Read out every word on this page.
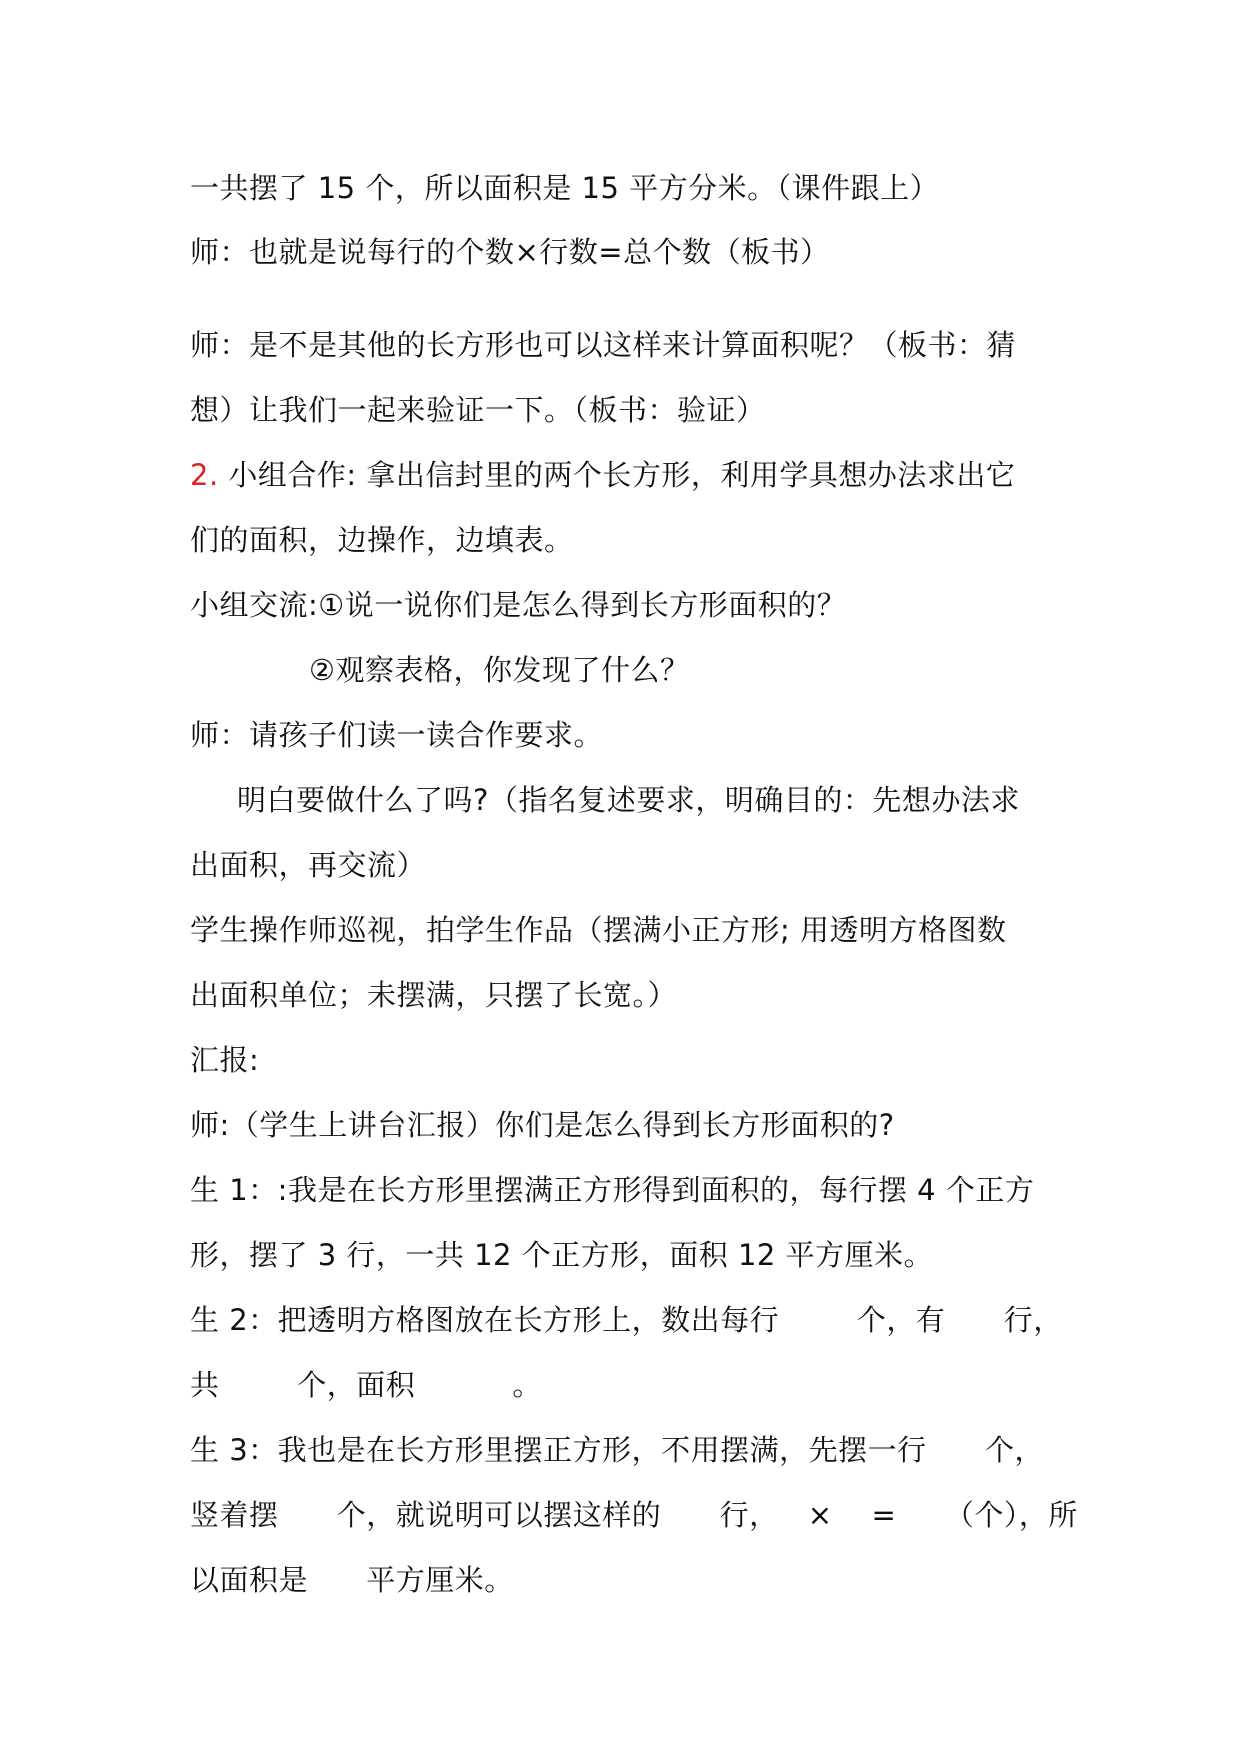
一共摆了 15 个，所以面积是 15 平方分米。（课件跟上）
师：也就是说每行的个数×行数=总个数（板书）
师：是不是其他的长方形也可以这样来计算面积呢？（板书：猜
想）让我们一起来验证一下。（板书：验证）
2. 小组合作: 拿出信封里的两个长方形，利用学具想办法求出它
们的面积，边操作，边填表。
小组交流:①说一说你们是怎么得到长方形面积的？
②观察表格，你发现了什么？
师：请孩子们读一读合作要求。
明白要做什么了吗?（指名复述要求，明确目的：先想办法求
出面积，再交流）
学生操作师巡视，拍学生作品（摆满小正方形; 用透明方格图数
出面积单位；未摆满，只摆了长宽。）
汇报:
师:（学生上讲台汇报）你们是怎么得到长方形面积的?
生 1：:我是在长方形里摆满正方形得到面积的，每行摆 4 个正方
形，摆了 3 行，一共 12 个正方形，面积 12 平方厘米。
生 2：把透明方格图放在长方形上，数出每行        个，有      行，
共        个，面积          。
生 3：我也是在长方形里摆正方形，不用摆满，先摆一行      个，
竖着摆      个，就说明可以摆这样的      行，   ×    =     （个），所
以面积是      平方厘米。
